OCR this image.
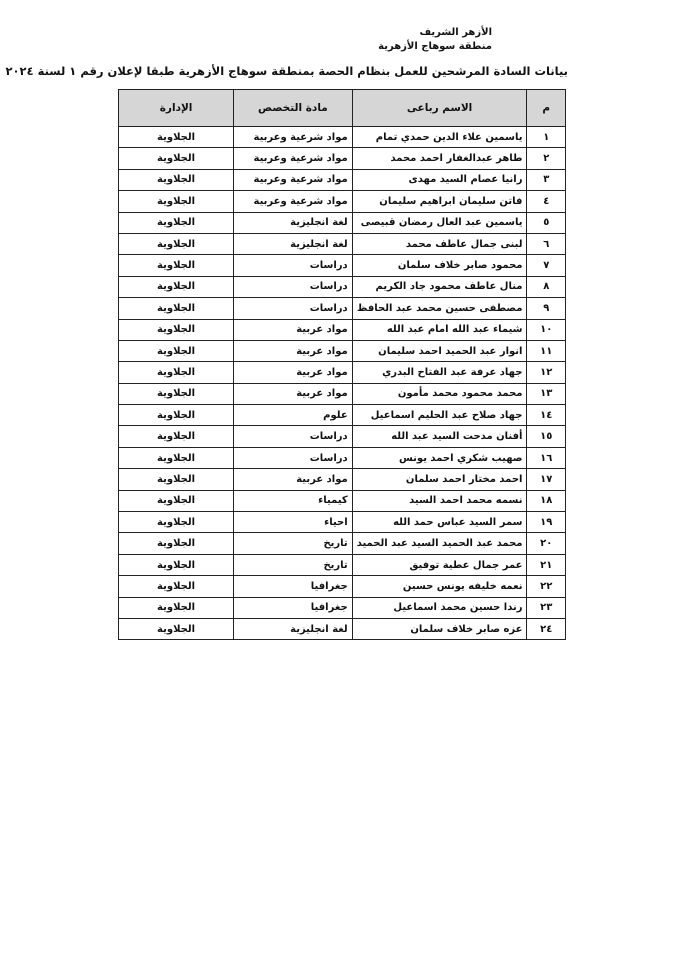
الأزهر الشريف
منطقة سوهاج الأزهرية
بيانات السادة المرشحين للعمل بنظام الحصة بمنطقة سوهاج الأزهرية طبقا لإعلان رقم ١ لسنة ٢٠٢٤
م	الاسم رباعى	مادة التخصص	الإدارة
١	ياسمين علاء الدين حمدي تمام	مواد شرعية وعربية	الجلاوية
٢	طاهر عبدالغفار احمد محمد	مواد شرعية وعربية	الجلاوية
٣	رانيا عصام السيد مهدى	مواد شرعية وعربية	الجلاوية
٤	فاتن سليمان ابراهيم سليمان	مواد شرعية وعربية	الجلاوية
٥	ياسمين عبد العال رمضان قبيصى	لغة انجليزية	الجلاوية
٦	لبنى جمال عاطف محمد	لغة انجليزية	الجلاوية
٧	محمود صابر خلاف سلمان	دراسات	الجلاوية
٨	منال عاطف محمود جاد الكريم	دراسات	الجلاوية
٩	مصطفى حسين محمد عبد الحافظ	دراسات	الجلاوية
١٠	شيماء عبد الله امام عبد الله	مواد عربية	الجلاوية
١١	انوار عبد الحميد احمد سليمان	مواد عربية	الجلاوية
١٢	جهاد عرفة عبد الفتاح البدري	مواد عربية	الجلاوية
١٣	محمد محمود محمد مأمون	مواد عربية	الجلاوية
١٤	جهاد صلاح عبد الحليم اسماعيل	علوم	الجلاوية
١٥	أفنان مدحت السيد عبد الله	دراسات	الجلاوية
١٦	صهيب شكري احمد يونس	دراسات	الجلاوية
١٧	احمد مختار احمد سلمان	مواد عربية	الجلاوية
١٨	نسمه محمد احمد السيد	كيمياء	الجلاوية
١٩	سمر السيد عباس حمد الله	احياء	الجلاوية
٢٠	محمد عبد الحميد السيد عبد الحميد	تاريخ	الجلاوية
٢١	عمر جمال عطية توفيق	تاريخ	الجلاوية
٢٢	نعمه خليفه يونس حسين	جغرافيا	الجلاوية
٢٣	رندا حسين محمد اسماعيل	جغرافيا	الجلاوية
٢٤	عزه صابر خلاف سلمان	لغة انجليزية	الجلاوية
